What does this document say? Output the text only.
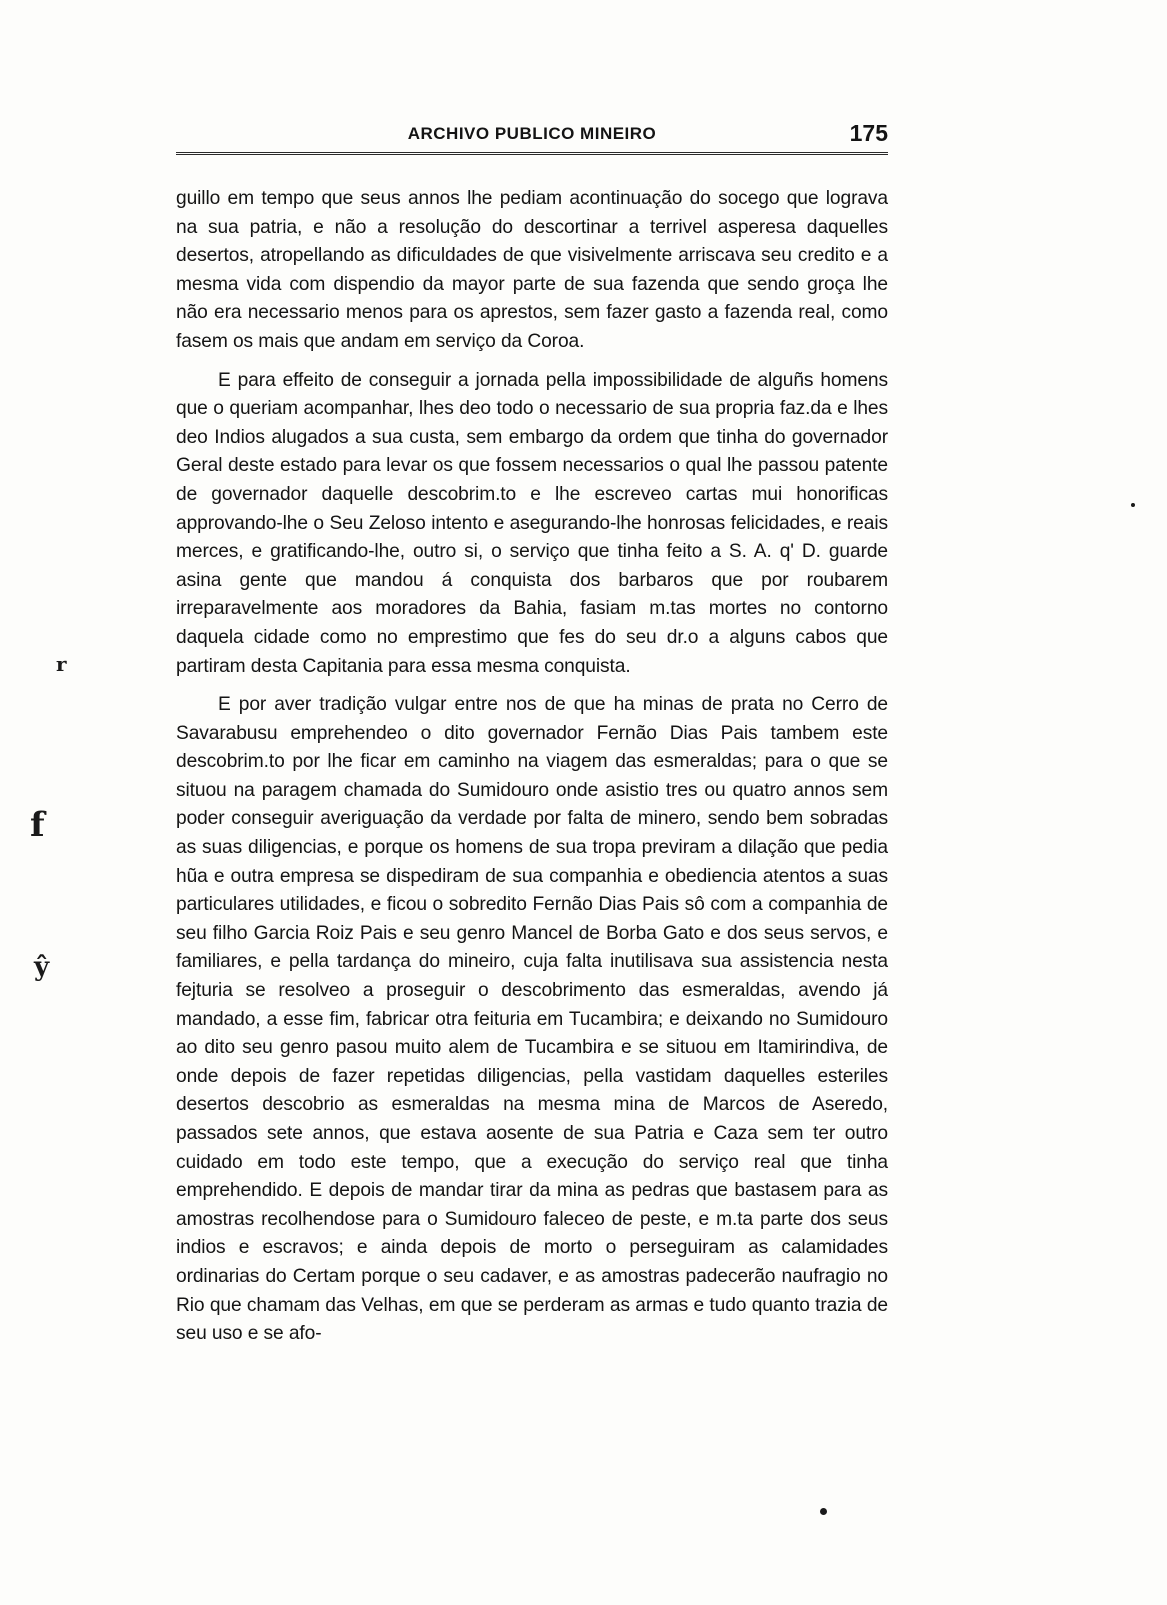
ARCHIVO PUBLICO MINEIRO	175

guillo em tempo que seus annos lhe pediam acontinuação do socego que lograva na sua patria, e não a resolução do descortinar a terrivel asperesa daquelles desertos, atropellando as dificuldades de que visivelmente arriscava seu credito e a mesma vida com dispendio da mayor parte de sua fazenda que sendo groça lhe não era necessario menos para os aprestos, sem fazer gasto a fazenda real, como fasem os mais que andam em serviço da Coroa.

E para effeito de conseguir a jornada pella impossibilidade de alguñs homens que o queriam acompanhar, lhes deo todo o necessario de sua propria faz.da e lhes deo Indios alugados a sua custa, sem embargo da ordem que tinha do governador Geral deste estado para levar os que fossem necessarios o qual lhe passou patente de governador daquelle descobrim.to e lhe escreveo cartas mui honorificas approvando-lhe o Seu Zeloso intento e asegurando-lhe honrosas felicidades, e reais merces, e gratificando-lhe, outro si, o serviço que tinha feito a S. A. q' D. guarde asina gente que mandou á conquista dos barbaros que por roubarem irreparavelmente aos moradores da Bahia, fasiam m.tas mortes no contorno daquela cidade como no emprestimo que fes do seu dr.o a alguns cabos que partiram desta Capitania para essa mesma conquista.

E por aver tradição vulgar entre nos de que ha minas de prata no Cerro de Savarabusu emprehendeo o dito governador Fernão Dias Pais tambem este descobrim.to por lhe ficar em caminho na viagem das esmeraldas; para o que se situou na paragem chamada do Sumidouro onde asistio tres ou quatro annos sem poder conseguir averiguação da verdade por falta de minero, sendo bem sobradas as suas diligencias, e porque os homens de sua tropa previram a dilação que pedia hũa e outra empresa se dispediram de sua companhia e obediencia atentos a suas particulares utilidades, e ficou o sobredito Fernão Dias Pais sô com a companhia de seu filho Garcia Roiz Pais e seu genro Mancel de Borba Gato e dos seus servos, e familiares, e pella tardança do mineiro, cuja falta inutilisava sua assistencia nesta fejturia se resolveo a proseguir o descobrimento das esmeraldas, avendo já mandado, a esse fim, fabricar otra feituria em Tucambira; e deixando no Sumidouro ao dito seu genro pasou muito alem de Tucambira e se situou em Itamirindiva, de onde depois de fazer repetidas diligencias, pella vastidam daquelles esteriles desertos descobrio as esmeraldas na mesma mina de Marcos de Aseredo, passados sete annos, que estava aosente de sua Patria e Caza sem ter outro cuidado em todo este tempo, que a execução do serviço real que tinha emprehendido. E depois de mandar tirar da mina as pedras que bastasem para as amostras recolhendose para o Sumidouro faleceo de peste, e m.ta parte dos seus indios e escravos; e ainda depois de morto o perseguiram as calamidades ordinarias do Certam porque o seu cadaver, e as amostras padecerão naufragio no Rio que chamam das Velhas, em que se perderam as armas e tudo quanto trazia de seu uso e se afo-

r
f
ŷ
